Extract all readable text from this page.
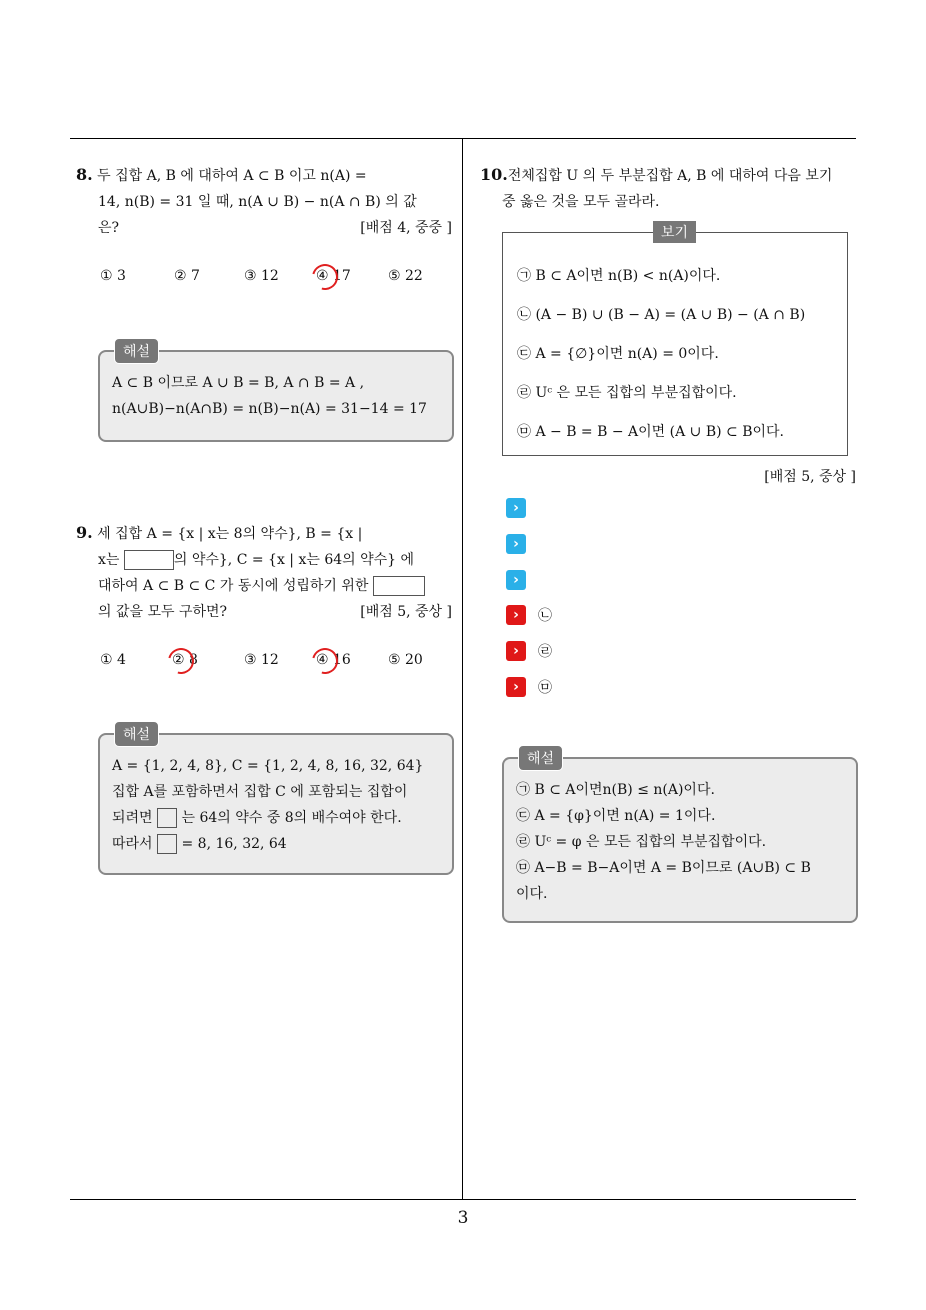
8. 두 집합 A, B 에 대하여 A ⊂ B 이고 n(A) =
14, n(B) = 31 일 때, n(A ∪ B) − n(A ∩ B) 의 값
은?	[배점 4, 중중 ]
① 3	② 7	③ 12	④ 17	⑤ 22
해설
A ⊂ B 이므로 A ∪ B = B, A ∩ B = A ,
n(A∪B)−n(A∩B) = n(B)−n(A) = 31−14 = 17
9. 세 집합 A = {x | x는 8의 약수}, B = {x |
x는	의 약수}, C = {x | x는 64의 약수} 에
대하여 A ⊂ B ⊂ C 가 동시에 성립하기 위한
의 값을 모두 구하면?	[배점 5, 중상 ]
① 4	② 8	③ 12	④ 16	⑤ 20
해설
A = {1, 2, 4, 8}, C = {1, 2, 4, 8, 16, 32, 64}
집합 A를 포함하면서 집합 C 에 포함되는 집합이
되려면 는 64의 약수 중 8의 배수여야 한다.
따라서 = 8, 16, 32, 64
10.전체집합 U 의 두 부분집합 A, B 에 대하여 다음 보기
중 옳은 것을 모두 골라라.
보기
㉠ B ⊂ A이면 n(B) < n(A)이다.
㉡ (A − B) ∪ (B − A) = (A ∪ B) − (A ∩ B)
㉢ A = {∅}이면 n(A) = 0이다.
㉣ Uᶜ 은 모든 집합의 부분집합이다.
㉤ A − B = B − A이면 (A ∪ B) ⊂ B이다.
[배점 5, 중상 ]
›
›
›
›	㉡
›	㉣
›	㉤
해설
㉠ B ⊂ A이면n(B) ≤ n(A)이다.
㉢ A = {φ}이면 n(A) = 1이다.
㉣ Uᶜ = φ 은 모든 집합의 부분집합이다.
㉤ A−B = B−A이면 A = B이므로 (A∪B) ⊂ B
이다.
3
